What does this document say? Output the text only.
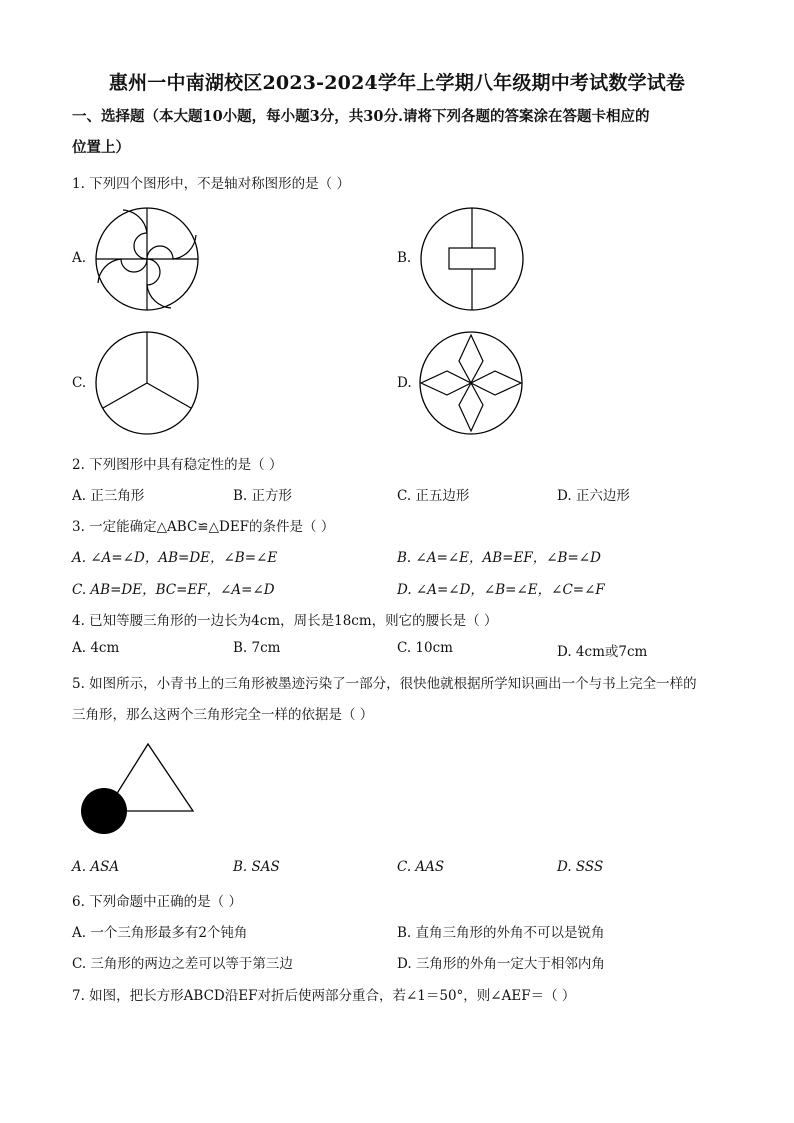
惠州一中南湖校区2023-2024学年上学期八年级期中考试数学试卷
一、选择题（本大题10小题，每小题3分，共30分.请将下列各题的答案涂在答题卡相应的
位置上）
1. 下列四个图形中，不是轴对称图形的是（ ）
A.	B.
C.	D.
2. 下列图形中具有稳定性的是（ ）
A. 正三角形	B. 正方形	C. 正五边形	D. 正六边形
3. 一定能确定△ABC≌△DEF的条件是（ ）
A. ∠A=∠D，AB=DE，∠B=∠E	B. ∠A=∠E，AB=EF，∠B=∠D
C. AB=DE，BC=EF，∠A=∠D	D. ∠A=∠D，∠B=∠E，∠C=∠F
4. 已知等腰三角形的一边长为4cm，周长是18cm，则它的腰长是（ ）
A. 4cm	B. 7cm	C. 10cm	D. 4cm或7cm
5. 如图所示，小青书上的三角形被墨迹污染了一部分，很快他就根据所学知识画出一个与书上完全一样的
三角形，那么这两个三角形完全一样的依据是（ ）
A. ASA	B. SAS	C. AAS	D. SSS
6. 下列命题中正确的是（ ）
A. 一个三角形最多有2个钝角	B. 直角三角形的外角不可以是锐角
C. 三角形的两边之差可以等于第三边	D. 三角形的外角一定大于相邻内角
7. 如图，把长方形ABCD沿EF对折后使两部分重合，若∠1＝50°，则∠AEF＝（ ）
